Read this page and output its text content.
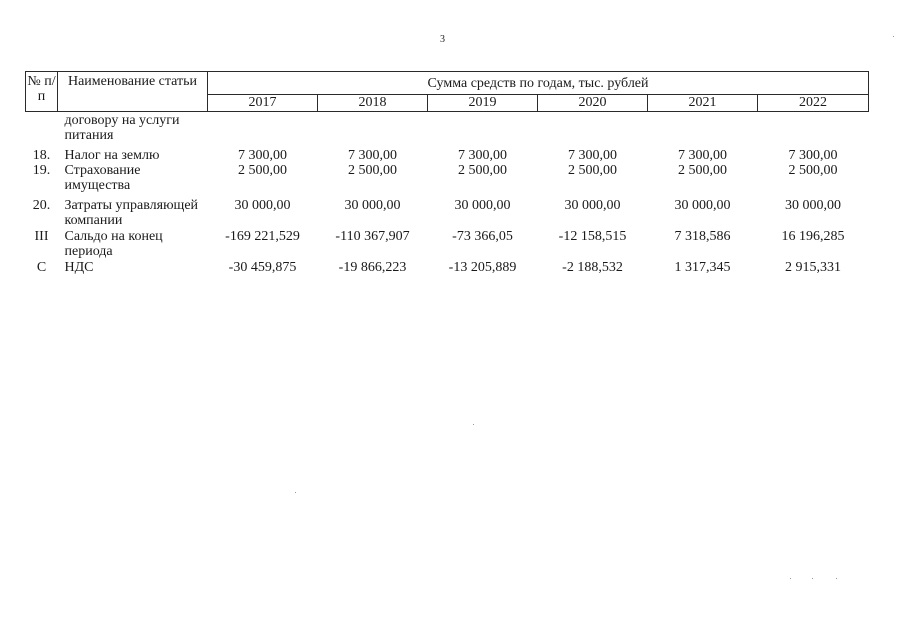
3
№ п/п	Наименование статьи	Сумма средств по годам, тыс. рублей					
		2017	2018	2019	2020	2021	2022
	договору на услуги питания						
18.	Налог на землю	7 300,00	7 300,00	7 300,00	7 300,00	7 300,00	7 300,00
19.	Страхование имущества	2 500,00	2 500,00	2 500,00	2 500,00	2 500,00	2 500,00
20.	Затраты управляющей компании	30 000,00	30 000,00	30 000,00	30 000,00	30 000,00	30 000,00
III	Сальдо на конец периода	-169 221,529	-110 367,907	-73 366,05	-12 158,515	7 318,586	16 196,285
С	НДС	-30 459,875	-19 866,223	-13 205,889	-2 188,532	1 317,345	2 915,331
